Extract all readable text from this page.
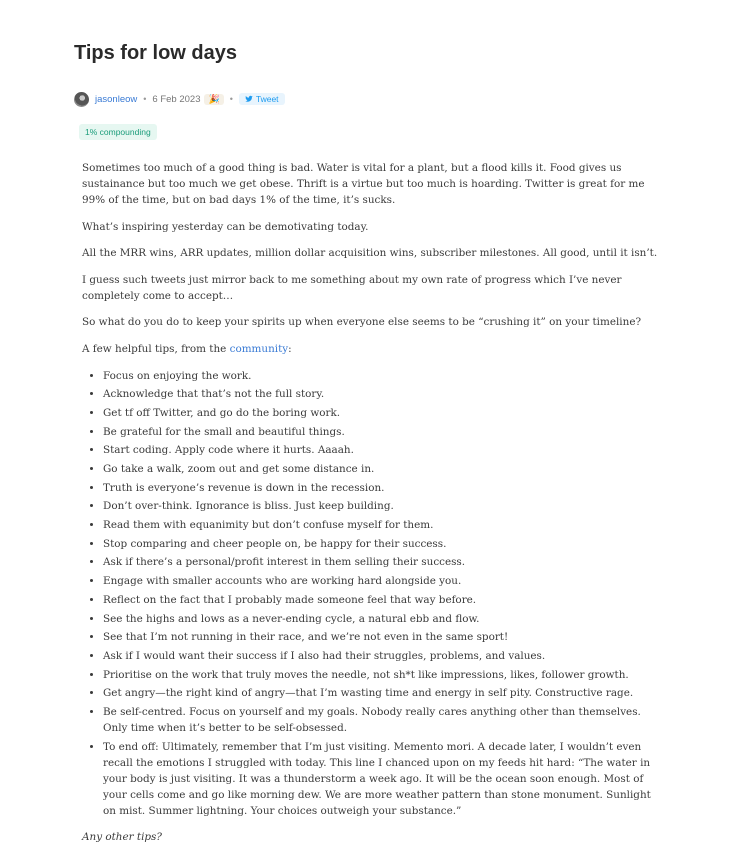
Tips for low days
jasonleow • 6 Feb 2023 🎉	•	Tweet
1% compounding

Sometimes too much of a good thing is bad. Water is vital for a plant, but a flood kills it. Food gives us sustainance but too much we get obese. Thrift is a virtue but too much is hoarding. Twitter is great for me 99% of the time, but on bad days 1% of the time, it’s sucks.

What’s inspiring yesterday can be demotivating today.

All the MRR wins, ARR updates, million dollar acquisition wins, subscriber milestones. All good, until it isn’t.

I guess such tweets just mirror back to me something about my own rate of progress which I’ve never completely come to accept…

So what do you do to keep your spirits up when everyone else seems to be “crushing it” on your timeline?

A few helpful tips, from the community:

• Focus on enjoying the work.
• Acknowledge that that’s not the full story.
• Get tf off Twitter, and go do the boring work.
• Be grateful for the small and beautiful things.
• Start coding. Apply code where it hurts. Aaaah.
• Go take a walk, zoom out and get some distance in.
• Truth is everyone’s revenue is down in the recession.
• Don’t over-think. Ignorance is bliss. Just keep building.
• Read them with equanimity but don’t confuse myself for them.
• Stop comparing and cheer people on, be happy for their success.
• Ask if there’s a personal/profit interest in them selling their success.
• Engage with smaller accounts who are working hard alongside you.
• Reflect on the fact that I probably made someone feel that way before.
• See the highs and lows as a never-ending cycle, a natural ebb and flow.
• See that I’m not running in their race, and we’re not even in the same sport!
• Ask if I would want their success if I also had their struggles, problems, and values.
• Prioritise on the work that truly moves the needle, not sh*t like impressions, likes, follower growth.
• Get angry—the right kind of angry—that I’m wasting time and energy in self pity. Constructive rage.
• Be self-centred. Focus on yourself and my goals. Nobody really cares anything other than themselves. Only time when it’s better to be self-obsessed.
• To end off: Ultimately, remember that I’m just visiting. Memento mori. A decade later, I wouldn’t even recall the emotions I struggled with today. This line I chanced upon on my feeds hit hard: “The water in your body is just visiting. It was a thunderstorm a week ago. It will be the ocean soon enough. Most of your cells come and go like morning dew. We are more weather pattern than stone monument. Sunlight on mist. Summer lightning. Your choices outweigh your substance.”

Any other tips?
